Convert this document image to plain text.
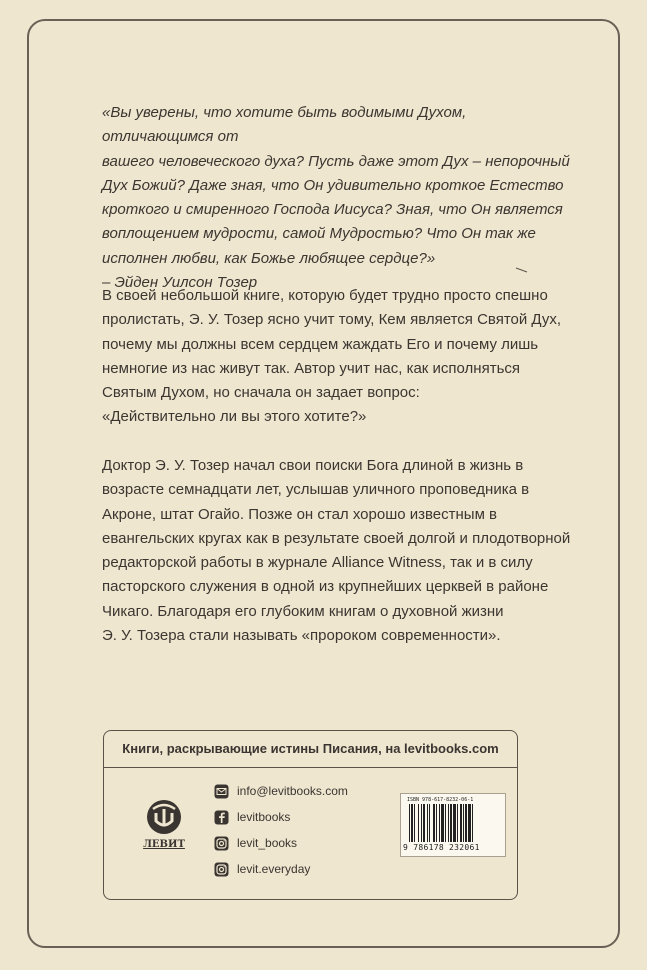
«Вы уверены, что хотите быть водимыми Духом, отличающимся от

вашего человеческого духа? Пусть даже этот Дух – непорочный

Дух Божий? Даже зная, что Он удивительно кроткое Естество

кроткого и смиренного Господа Иисуса? Зная, что Он является

воплощением мудрости, самой Мудростью? Что Он так же

исполнен любви, как Божье любящее сердце?»

– Эйден Уилсон Тозер

В своей небольшой книге, которую будет трудно просто спешно

пролистать, Э. У. Тозер ясно учит тому, Кем является Святой Дух,

почему мы должны всем сердцем жаждать Его и почему лишь

немногие из нас живут так. Автор учит нас, как исполняться

Святым Духом, но сначала он задает вопрос:

«Действительно ли вы этого хотите?»

Доктор Э. У. Тозер начал свои поиски Бога длиной в жизнь в

возрасте семнадцати лет, услышав уличного проповедника в

Акроне, штат Огайо. Позже он стал хорошо известным в

евангельских кругах как в результате своей долгой и плодотворной

редакторской работы в журнале Alliance Witness, так и в силу

пасторского служения в одной из крупнейших церквей в районе

Чикаго. Благодаря его глубоким книгам о духовной жизни

Э. У. Тозера стали называть «пророком современности».

Книги, раскрывающие истины Писания, на levitbooks.com
ЛЕВИТ
info@levitbooks.com
levitbooks
levit_books
levit.everyday
ISBN 978-617-8232-06-1
9 786178 232061
